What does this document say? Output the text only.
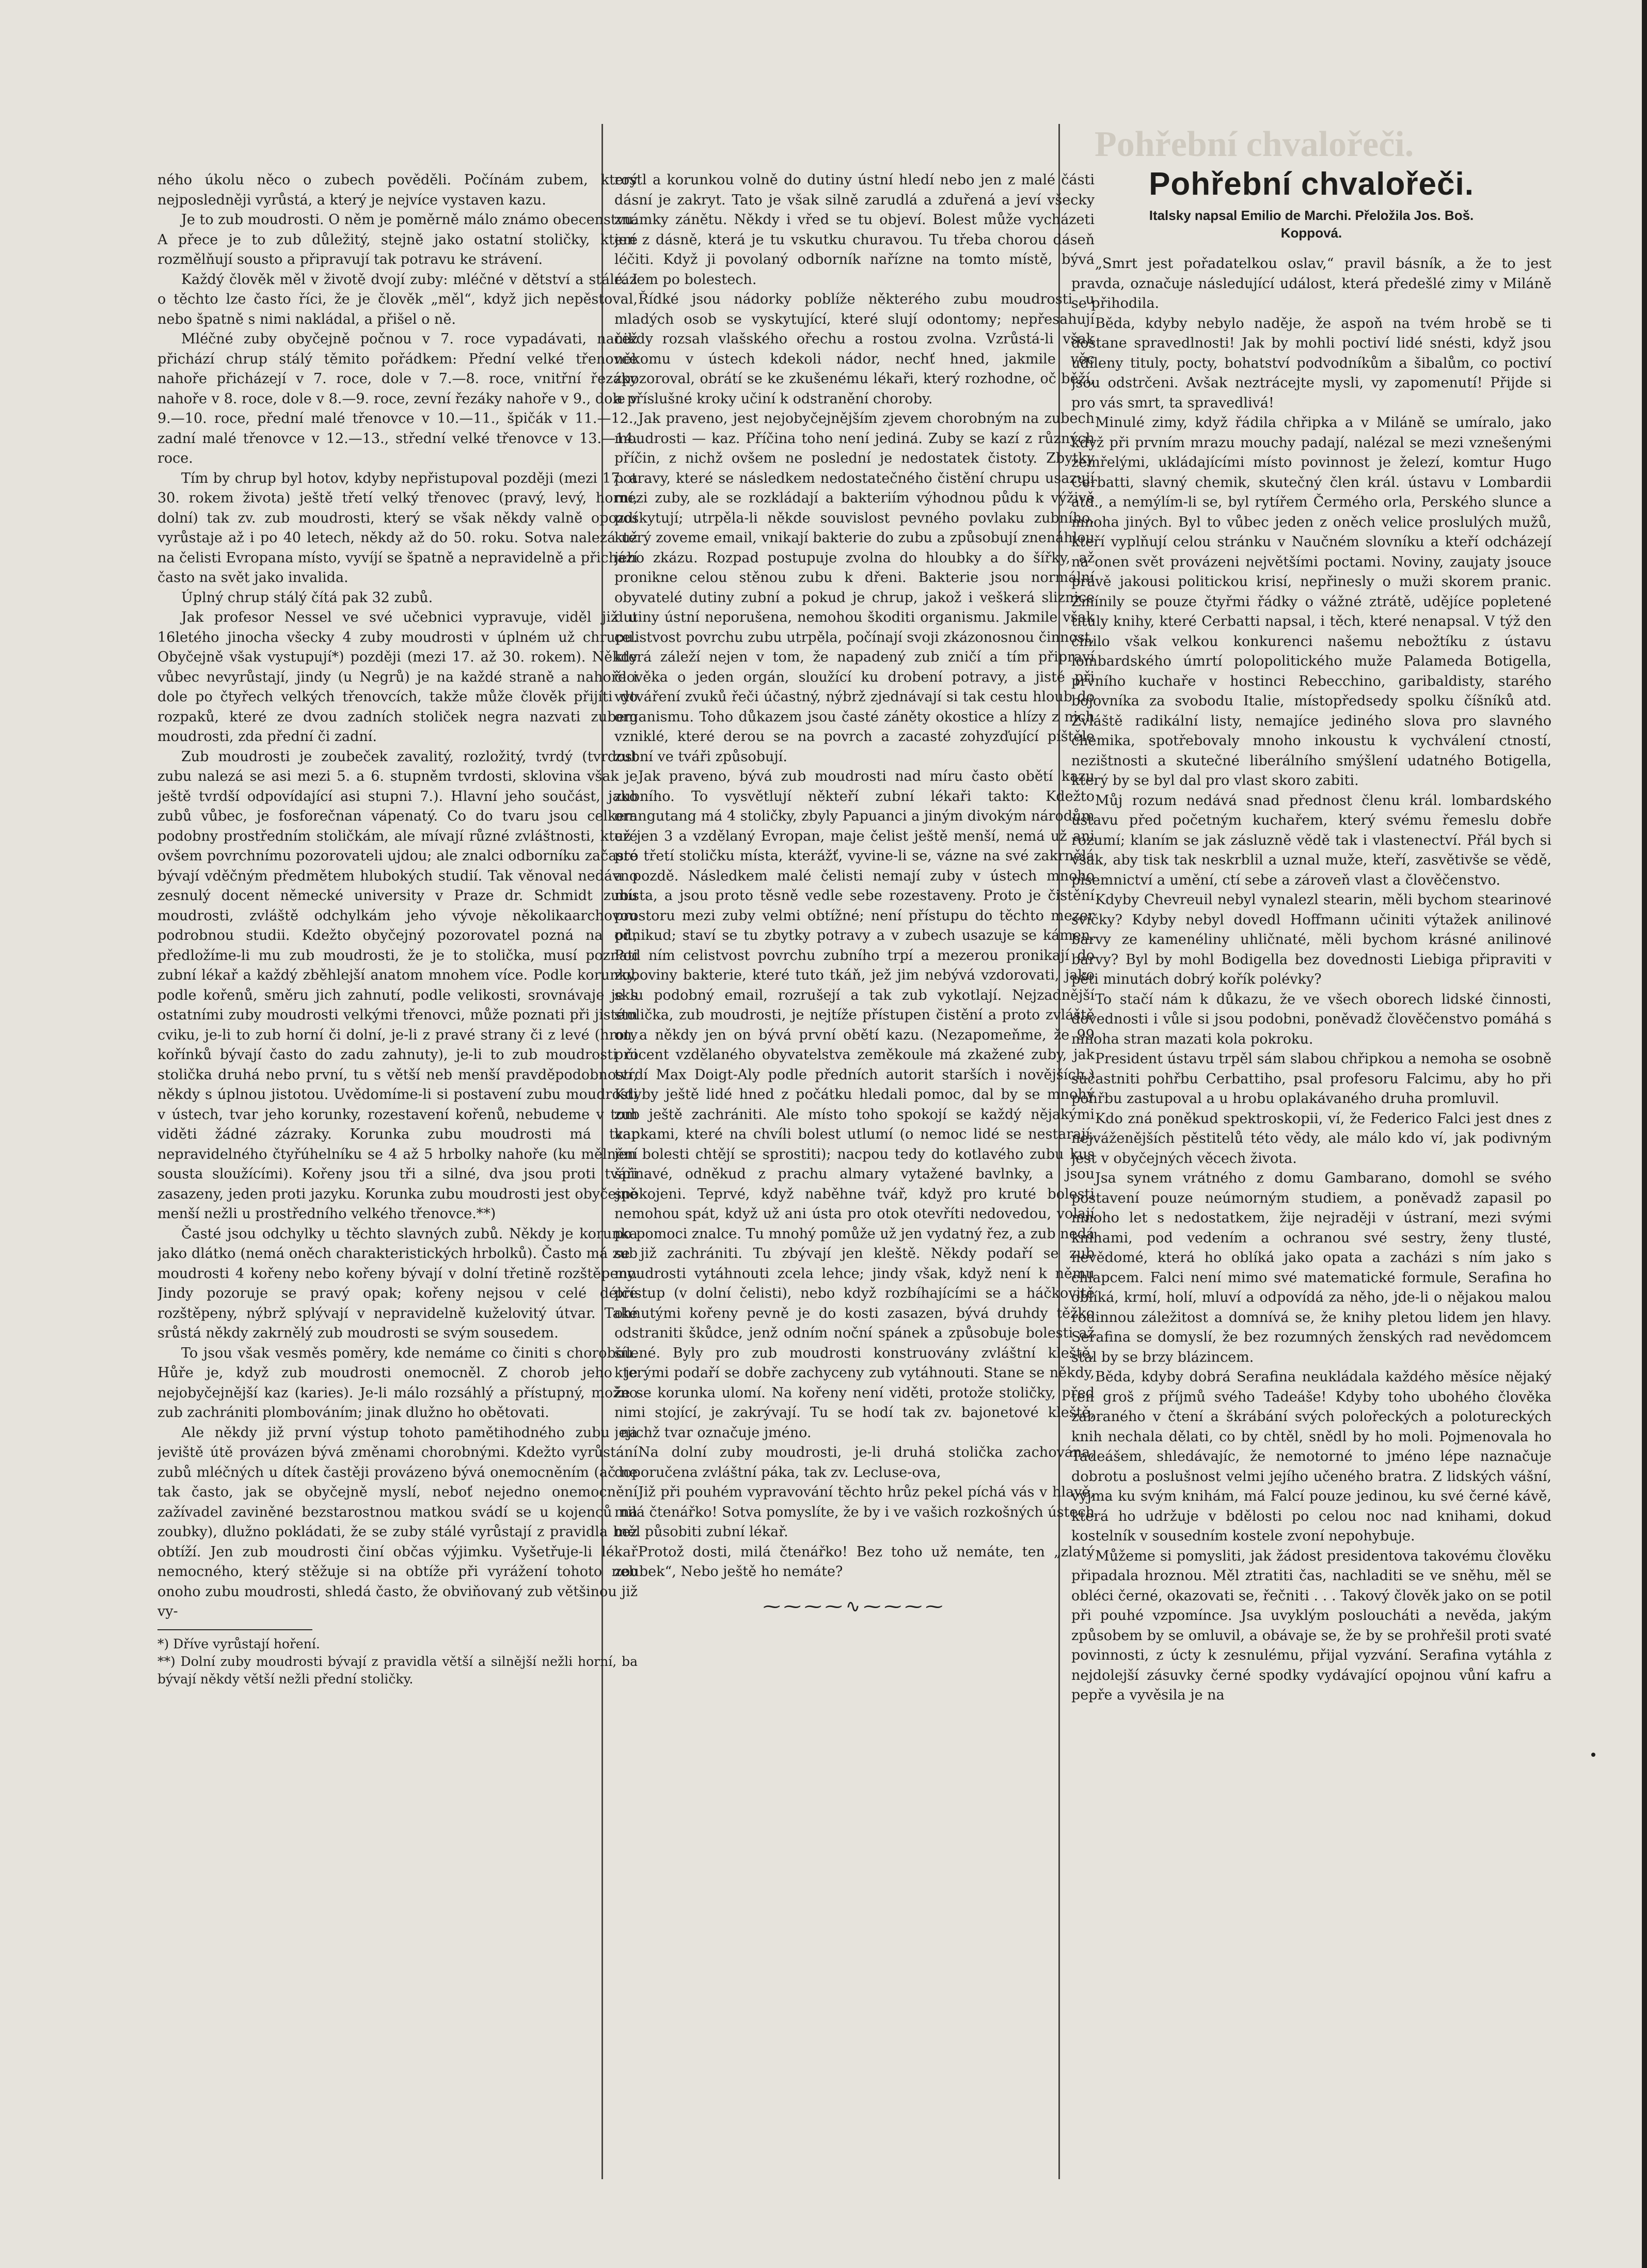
Pohřební chvalořeči.

ného úkolu něco o zubech pověděli. Počínám zubem, který nejposledněji vyrůstá, a který je nejvíce vystaven kazu.

Je to zub moudrosti. O něm je poměrně málo známo obecenstvu. A přece je to zub důležitý, stejně jako ostatní stoličky, které rozmělňují sousto a připravují tak potravu ke strávení.

Každý člověk měl v životě dvojí zuby: mléčné v dětství a stálé. I o těchto lze často říci, že je člověk „měl“, když jich nepěstoval, nebo špatně s nimi nakládal, a přišel o ně.

Mléčné zuby obyčejně počnou v 7. roce vypadávati, načež přichází chrup stálý těmito pořádkem: Přední velké třenovce nahoře přicházejí v 7. roce, dole v 7.—8. roce, vnitřní řezáky nahoře v 8. roce, dole v 8.—9. roce, zevní řezáky nahoře v 9., dole v 9.—10. roce, přední malé třenovce v 10.—11., špičák v 11.—12., zadní malé třenovce v 12.—13., střední velké třenovce v 13.—14. roce.

Tím by chrup byl hotov, kdyby nepřistupoval později (mezi 17. a 30. rokem života) ještě třetí velký třenovec (pravý, levý, horní, dolní) tak zv. zub moudrosti, který se však někdy valně opozdí vyrůstaje až i po 40 letech, někdy až do 50. roku. Sotva nalezá už na čelisti Evropana místo, vyvíjí se špatně a nepravidelně a přichází často na svět jako invalida.

Úplný chrup stálý čítá pak 32 zubů.

Jak profesor Nessel ve své učebnici vypravuje, viděl již u 16letého jinocha všecky 4 zuby moudrosti v úplném už chrupu. Obyčejně však vystupují*) později (mezi 17. až 30. rokem). Někdy vůbec nevyrůstají, jindy (u Negrů) je na každé straně a nahoře i dole po čtyřech velkých třenovcích, takže může člověk přijíti do rozpaků, které ze dvou zadních stoliček negra nazvati zubem moudrosti, zda přední či zadní.

Zub moudrosti je zoubeček zavalitý, rozložitý, tvrdý (tvrdost zubu nalezá se asi mezi 5. a 6. stupněm tvrdosti, sklovina však je ještě tvrdší odpovídající asi stupni 7.). Hlavní jeho součást, jako zubů vůbec, je fosforečnan vápenatý. Co do tvaru jsou celkem podobny prostředním stoličkám, ale mívají různé zvláštnosti, které ovšem povrchnímu pozorovateli ujdou; ale znalci odborníku začasté bývají vděčným předmětem hlubokých studií. Tak věnoval nedávno zesnulý docent německé university v Praze dr. Schmidt zubu moudrosti, zvláště odchylkám jeho vývoje několikaarchovou podrobnou studii. Kdežto obyčejný pozorovatel pozná na př., předložíme-li mu zub moudrosti, že je to stolička, musí poznati zubní lékař a každý zběhlejší anatom mnohem více. Podle korunky, podle kořenů, směru jich zahnutí, podle velikosti, srovnávaje je s ostatními zuby moudrosti velkými třenovci, může poznati při jistém cviku, je-li to zub horní či dolní, je-li z pravé strany či z levé (hroty kořínků bývají často do zadu zahnuty), je-li to zub moudrosti či stolička druhá nebo první, tu s větší neb menší pravděpodobností, někdy s úplnou jistotou. Uvědomíme-li si postavení zubu moudrosti v ústech, tvar jeho korunky, rozestavení kořenů, nebudeme v tom viděti žádné zázraky. Korunka zubu moudrosti má tvar nepravidelného čtyřúhelníku se 4 až 5 hrbolky nahoře (ku mělnění sousta sloužícími). Kořeny jsou tři a silné, dva jsou proti tváři zasazeny, jeden proti jazyku. Korunka zubu moudrosti jest obyčejně menší nežli u prostředního velkého třenovce.**)

Časté jsou odchylky u těchto slavných zubů. Někdy je korunka jako dlátko (nemá oněch charakteristických hrbolků). Často má zub moudrosti 4 kořeny nebo kořeny bývají v dolní třetině rozštěpeny. Jindy pozoruje se pravý opak; kořeny nejsou v celé délce rozštěpeny, nýbrž splývají v nepravidelně kuželovitý útvar. Také srůstá někdy zakrnělý zub moudrosti se svým sousedem.

To jsou však vesměs poměry, kde nemáme co činiti s chorobou. Hůře je, když zub moudrosti onemocněl. Z chorob jeho je nejobyčejnější kaz (karies). Je-li málo rozsáhlý a přístupný, možno zub zachrániti plombováním; jinak dlužno ho obětovati.

Ale někdy již první výstup tohoto pamětihodného zubu na jeviště útě provázen bývá změnami chorobnými. Kdežto vyrůstání zubů mléčných u dítek častěji provázeno bývá onemocněním (ač ne tak často, jak se obyčejně myslí, neboť nejedno onemocnění zažívadel zaviněné bezstarostnou matkou svádí se u kojenců na zoubky), dlužno pokládati, že se zuby stálé vyrůstají z pravidla bez obtíží. Jen zub moudrosti činí občas výjimku. Vyšetřuje-li lékař nemocného, který stěžuje si na obtíže při vyrážení tohoto neb onoho zubu moudrosti, shledá často, že obviňovaný zub většinou již vy-

*) Dříve vyrůstají hoření.

**) Dolní zuby moudrosti bývají z pravidla větší a silnější nežli horní, ba bývají někdy větší nežli přední stoličky.

rostl a korunkou volně do dutiny ústní hledí nebo jen z malé části dásní je zakryt. Tato je však silně zarudlá a zduřená a jeví všecky známky zánětu. Někdy i vřed se tu objeví. Bolest může vycházeti jen z dásně, která je tu vskutku churavou. Tu třeba chorou dáseň léčiti. Když ji povolaný odborník nařízne na tomto místě, bývá rázem po bolestech.

Řídké jsou nádorky poblíže některého zubu moudrosti u mladých osob se vyskytující, které slují odontomy; nepřesahují nikdy rozsah vlašského ořechu a rostou zvolna. Vzrůstá-li však někomu v ústech kdekoli nádor, nechť hned, jakmile věc zpozoroval, obrátí se ke zkušenému lékaři, který rozhodne, oč běží, a příslušné kroky učiní k odstranění choroby.

Jak praveno, jest nejobyčejnějším zjevem chorobným na zubech moudrosti — kaz. Příčina toho není jediná. Zuby se kazí z různých příčin, z nichž ovšem ne poslední je nedostatek čistoty. Zbytky potravy, které se následkem nedostatečného čistění chrupu usazují mezi zuby, ale se rozkládají a bakteriím výhodnou půdu k výživě poskytují; utrpěla-li někde souvislost pevného povlaku zubního, který zoveme email, vnikají bakterie do zubu a způsobují znenáhlou jeho zkázu. Rozpad postupuje zvolna do hloubky a do šířky, až pronikne celou stěnou zubu k dřeni. Bakterie jsou normální obyvatelé dutiny zubní a pokud je chrup, jakož i veškerá sliznice dutiny ústní neporušena, nemohou škoditi organismu. Jakmile však celistvost povrchu zubu utrpěla, počínají svoji zkázonosnou činnost, která záleží nejen v tom, že napadený zub zničí a tím připraví člověka o jeden orgán, sloužící ku drobení potravy, a jisté při vytváření zvuků řeči účastný, nýbrž zjednávají si tak cestu hloub do organismu. Toho důkazem jsou časté záněty okostice a hlízy z nich vzniklé, které derou se na povrch a zacasté zohyzďující píštěle zubní ve tváři způsobují.

Jak praveno, bývá zub moudrosti nad míru často obětí kazu zubního. To vysvětlují někteří zubní lékaři takto: Kdežto orangutang má 4 stoličky, zbyly Papuanci a jiným divokým národům už jen 3 a vzdělaný Evropan, maje čelist ještě menší, nemá už ani pro třetí stoličku místa, kterážť, vyvine-li se, vázne na své zakrnělá a pozdě. Následkem malé čelisti nemají zuby v ústech mnoho místa, a jsou proto těsně vedle sebe rozestaveny. Proto je čistění prostoru mezi zuby velmi obtížné; není přístupu do těchto mezer odnikud; staví se tu zbytky potravy a v zubech usazuje se kámen. Pod ním celistvost povrchu zubního trpí a mezerou pronikají do zuboviny bakterie, které tuto tkáň, jež jim nebývá vzdorovati, jako sklu podobný email, rozrušejí a tak zub vykotlají. Nejzadnější stolička, zub moudrosti, je nejtíže přístupen čistění a proto zvláště on a někdy jen on bývá první obětí kazu. (Nezapomeňme, že 99 procent vzdělaného obyvatelstva zeměkoule má zkažené zuby, jak tvrdí Max Doigt-Aly podle předních autorit starších i novějších.) Kdyby ještě lidé hned z počátku hledali pomoc, dal by se mnohý zub ještě zachrániti. Ale místo toho spokojí se každý nějakými kapkami, které na chvíli bolest utlumí (o nemoc lidé se nestarají, jen bolesti chtějí se sprostiti); nacpou tedy do kotlavého zubu kus špinavé, odněkud z prachu almary vytažené bavlnky, a jsou spokojeni. Teprvé, když naběhne tvář, když pro kruté bolesti nemohou spát, když už ani ústa pro otok otevříti nedovedou, volají po pomoci znalce. Tu mnohý pomůže už jen vydatný řez, a zub nedá se již zachrániti. Tu zbývají jen kleště. Někdy podaří se zub moudrosti vytáhnouti zcela lehce; jindy však, když není k němu přístup (v dolní čelisti), nebo když rozbíhajícími se a háčkovitě ohnutými kořeny pevně je do kosti zasazen, bývá druhdy těžko odstraniti škůdce, jenž odním noční spánek a způsobuje bolesti až šílené. Byly pro zub moudrosti konstruovány zvláštní kleště, kterými podaří se dobře zachyceny zub vytáhnouti. Stane se někdy, že se korunka ulomí. Na kořeny není viděti, protože stoličky, před nimi stojící, je zakrývají. Tu se hodí tak zv. bajonetové kleště, jejichž tvar označuje jméno.

Na dolní zuby moudrosti, je-li druhá stolička zachována, doporučena zvláštní páka, tak zv. Lecluse-ova,

Již při pouhém vypravování těchto hrůz pekel píchá vás v hlavě, milá čtenářko! Sotva pomyslíte, že by i ve vašich rozkošných ústech měl působiti zubní lékař.

Protož dosti, milá čtenářko! Bez toho už nemáte, ten „zlatý zoubek“, Nebo ještě ho nemáte?

⁓⁓⁓⁓∿⁓⁓⁓⁓
Pohřební chvalořeči.
Italsky napsal Emilio de Marchi. Přeložila Jos. Boš.
Koppová.

„Smrt jest pořadatelkou oslav,“ pravil básník, a že to jest pravda, označuje následující událost, která předešlé zimy v Miláně se přihodila.

Běda, kdyby nebylo naděje, že aspoň na tvém hrobě se ti dostane spravedlnosti! Jak by mohli poctiví lidé snésti, když jsou udíleny tituly, pocty, bohatství podvodníkům a šibalům, co poctiví jsou odstrčeni. Avšak neztrácejte mysli, vy zapomenutí! Přijde si pro vás smrt, ta spravedlivá!

Minulé zimy, když řádila chřipka a v Miláně se umíralo, jako když při prvním mrazu mouchy padají, nalézal se mezi vznešenými zemřelými, ukládajícími místo povinnost je železí, komtur Hugo Cerbatti, slavný chemik, skutečný člen král. ústavu v Lombardii atd., a nemýlím-li se, byl rytířem Čermého orla, Perského slunce a mnoha jiných. Byl to vůbec jeden z oněch velice proslulých mužů, kteří vyplňují celou stránku v Naučném slovníku a kteří odcházejí na onen svět provázeni největšími poctami. Noviny, zaujaty jsouce právě jakousi politickou krisí, nepřinesly o muži skorem pranic. Zmínily se pouze čtyřmi řádky o vážné ztrátě, udějíce popletené tituly knihy, které Cerbatti napsal, i těch, které nenapsal. V týž den čínilo však velkou konkurenci našemu nebožtíku z ústavu lombardského úmrtí polopolitického muže Palameda Botigella, prvního kuchaře v hostinci Rebecchino, garibaldisty, starého bojovníka za svobodu Italie, místopředsedy spolku číšníků atd. Zvláště radikální listy, nemajíce jediného slova pro slavného chemika, spotřebovaly mnoho inkoustu k vychválení ctností, nezištnosti a skutečné liberálního smýšlení udatného Botigella, který by se byl dal pro vlast skoro zabiti.

Můj rozum nedává snad přednost členu král. lombardského ústavu před početným kuchařem, který svému řemeslu dobře rozumí; klaním se jak zásluzně vědě tak i vlastenectví. Přál bych si však, aby tisk tak neskrblil a uznal muže, kteří, zasvětivše se vědě, písemnictví a umění, ctí sebe a zároveň vlast a člověčenstvo.

Kdyby Chevreuil nebyl vynalezl stearin, měli bychom stearinové svíčky? Kdyby nebyl dovedl Hoffmann učiniti výtažek anilinové barvy ze kamenéliny uhličnaté, měli bychom krásné anilinové barvy? Byl by mohl Bodigella bez dovednosti Liebiga připraviti v pěti minutách dobrý kořík polévky?

To stačí nám k důkazu, že ve všech oborech lidské činnosti, dovednosti i vůle si jsou podobni, poněvadž člověčenstvo pomáhá s mnoha stran mazati kola pokroku.

President ústavu trpěl sám slabou chřipkou a nemoha se osobně súčastniti pohřbu Cerbattiho, psal profesoru Falcimu, aby ho při pohřbu zastupoval a u hrobu oplakávaného druha promluvil.

Kdo zná poněkud spektroskopii, ví, že Federico Falci jest dnes z nejváženějších pěstitelů této vědy, ale málo kdo ví, jak podivným jest v obyčejných věcech života.

Jsa synem vrátného z domu Gambarano, domohl se svého postavení pouze neúmorným studiem, a poněvadž zapasil po mnoho let s nedostatkem, žije nejraději v ústraní, mezi svými knihami, pod vedením a ochranou své sestry, ženy tlusté, nevědomé, která ho oblíká jako opata a zacházi s ním jako s chlapcem. Falci není mimo své matematické formule, Serafina ho oblíká, krmí, holí, mluví a odpovídá za něho, jde-li o nějakou malou rodinnou záležitost a domnívá se, že knihy pletou lidem jen hlavy. Serafina se domyslí, že bez rozumných ženských rad nevědomcem stal by se brzy blázincem.

Běda, kdyby dobrá Serafina neukládala každého měsíce nějaký ten groš z příjmů svého Tadeáše! Kdyby toho ubohého člověka zabraného v čtení a škrábání svých polořeckých a polotureckých knih nechala dělati, co by chtěl, snědl by ho moli. Pojmenovala ho Tadeášem, shledávajíc, že nemotorné to jméno lépe naznačuje dobrotu a poslušnost velmi jejího učeného bratra. Z lidských vášní, vyjma ku svým knihám, má Falcí pouze jedinou, ku své černé kávě, která ho udržuje v bdělosti po celou noc nad knihami, dokud kostelník v sousedním kostele zvoní nepohybuje.

Můžeme si pomysliti, jak žádost presidentova takovému člověku připadala hroznou. Měl ztratiti čas, nachladiti se ve sněhu, měl se obléci černé, okazovati se, řečniti . . . Takový člověk jako on se potil při pouhé vzpomínce. Jsa uvyklým posloucháti a nevěda, jakým způsobem by se omluvil, a obávaje se, že by se prohřešil proti svaté povinnosti, z úcty k zesnulému, přijal vyzvání. Serafina vytáhla z nejdolejší zásuvky černé spodky vydávající opojnou vůní kafru a pepře a vyvěsila je na
